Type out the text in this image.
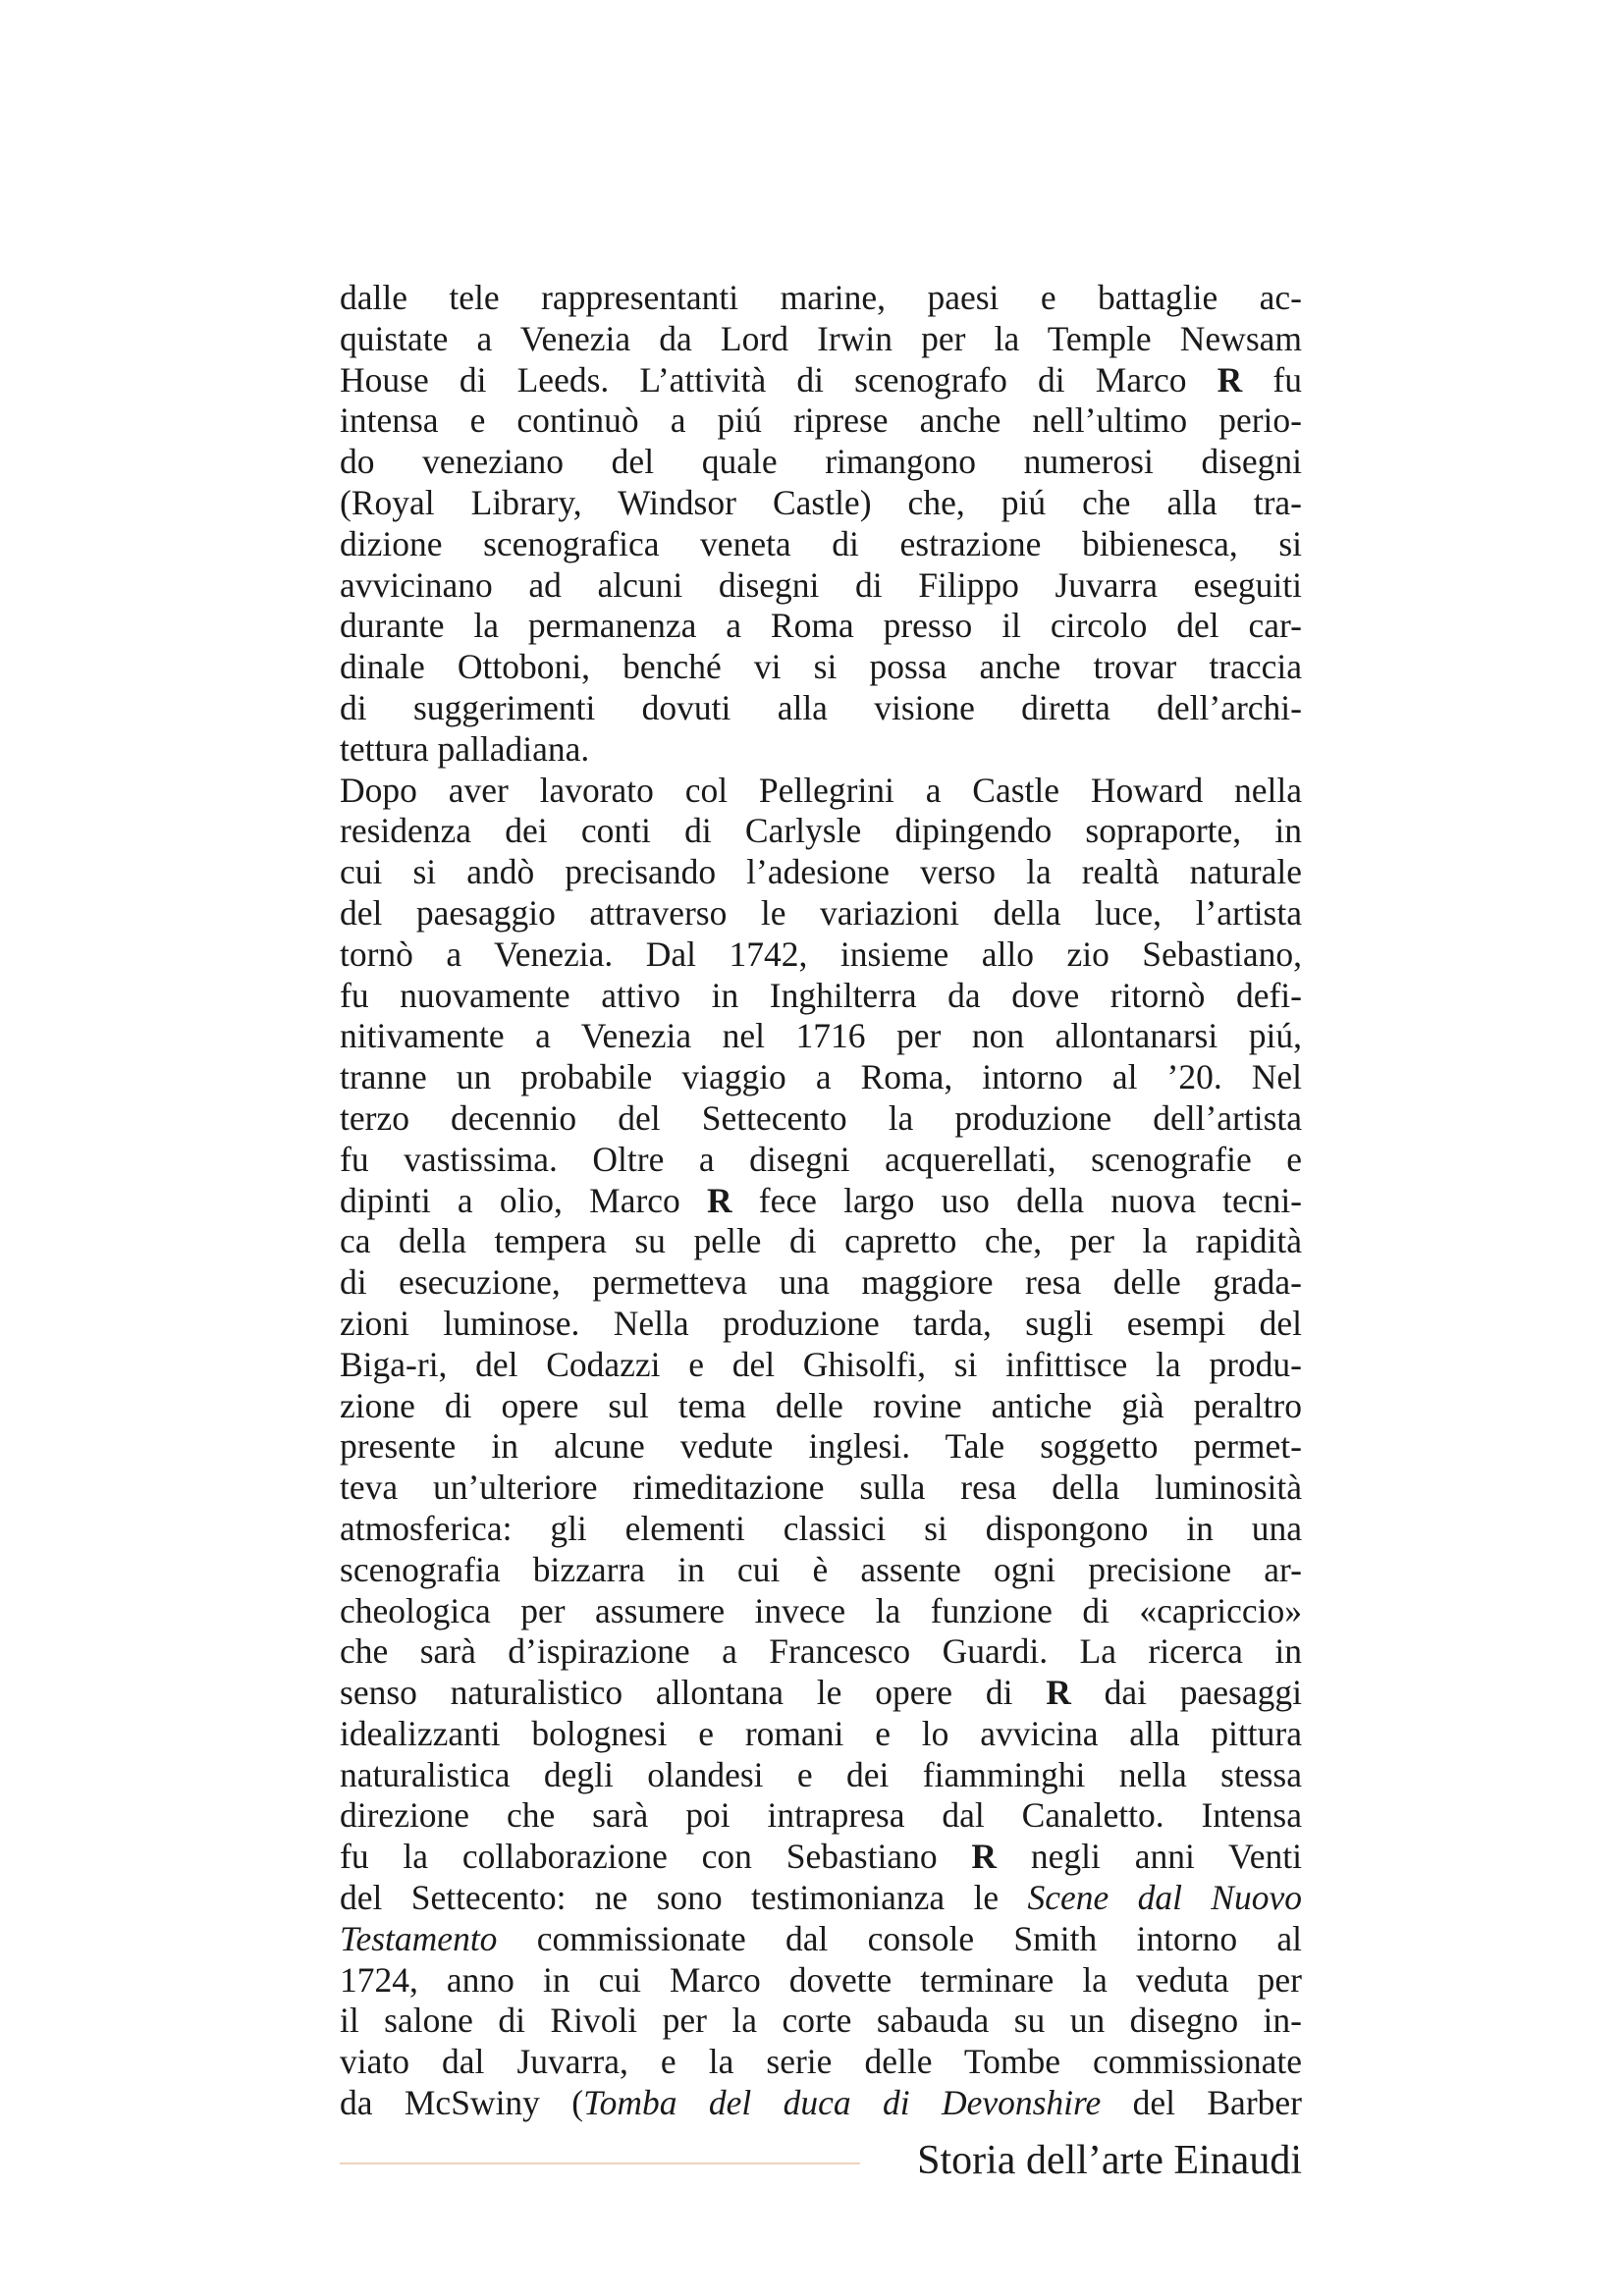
dalle tele rappresentanti marine, paesi e battaglie ac-
quistate a Venezia da Lord Irwin per la Temple Newsam
House di Leeds. L’attività di scenografo di Marco R fu
intensa e continuò a piú riprese anche nell’ultimo perio-
do veneziano del quale rimangono numerosi disegni
(Royal Library, Windsor Castle) che, piú che alla tra-
dizione scenografica veneta di estrazione bibienesca, si
avvicinano ad alcuni disegni di Filippo Juvarra eseguiti
durante la permanenza a Roma presso il circolo del car-
dinale Ottoboni, benché vi si possa anche trovar traccia
di suggerimenti dovuti alla visione diretta dell’archi-
tettura palladiana.
Dopo aver lavorato col Pellegrini a Castle Howard nella
residenza dei conti di Carlysle dipingendo sopraporte, in
cui si andò precisando l’adesione verso la realtà naturale
del paesaggio attraverso le variazioni della luce, l’artista
tornò a Venezia. Dal 1742, insieme allo zio Sebastiano,
fu nuovamente attivo in Inghilterra da dove ritornò defi-
nitivamente a Venezia nel 1716 per non allontanarsi piú,
tranne un probabile viaggio a Roma, intorno al ’20. Nel
terzo decennio del Settecento la produzione dell’artista
fu vastissima. Oltre a disegni acquerellati, scenografie e
dipinti a olio, Marco R fece largo uso della nuova tecni-
ca della tempera su pelle di capretto che, per la rapidità
di esecuzione, permetteva una maggiore resa delle grada-
zioni luminose. Nella produzione tarda, sugli esempi del
Biga-ri, del Codazzi e del Ghisolfi, si infittisce la produ-
zione di opere sul tema delle rovine antiche già peraltro
presente in alcune vedute inglesi. Tale soggetto permet-
teva un’ulteriore rimeditazione sulla resa della luminosità
atmosferica: gli elementi classici si dispongono in una
scenografia bizzarra in cui è assente ogni precisione ar-
cheologica per assumere invece la funzione di «capriccio»
che sarà d’ispirazione a Francesco Guardi. La ricerca in
senso naturalistico allontana le opere di R dai paesaggi
idealizzanti bolognesi e romani e lo avvicina alla pittura
naturalistica degli olandesi e dei fiamminghi nella stessa
direzione che sarà poi intrapresa dal Canaletto. Intensa
fu la collaborazione con Sebastiano R negli anni Venti
del Settecento: ne sono testimonianza le Scene dal Nuovo
Testamento commissionate dal console Smith intorno al
1724, anno in cui Marco dovette terminare la veduta per
il salone di Rivoli per la corte sabauda su un disegno in-
viato dal Juvarra, e la serie delle Tombe commissionate
da McSwiny (Tomba del duca di Devonshire del Barber
Storia dell’arte Einaudi
